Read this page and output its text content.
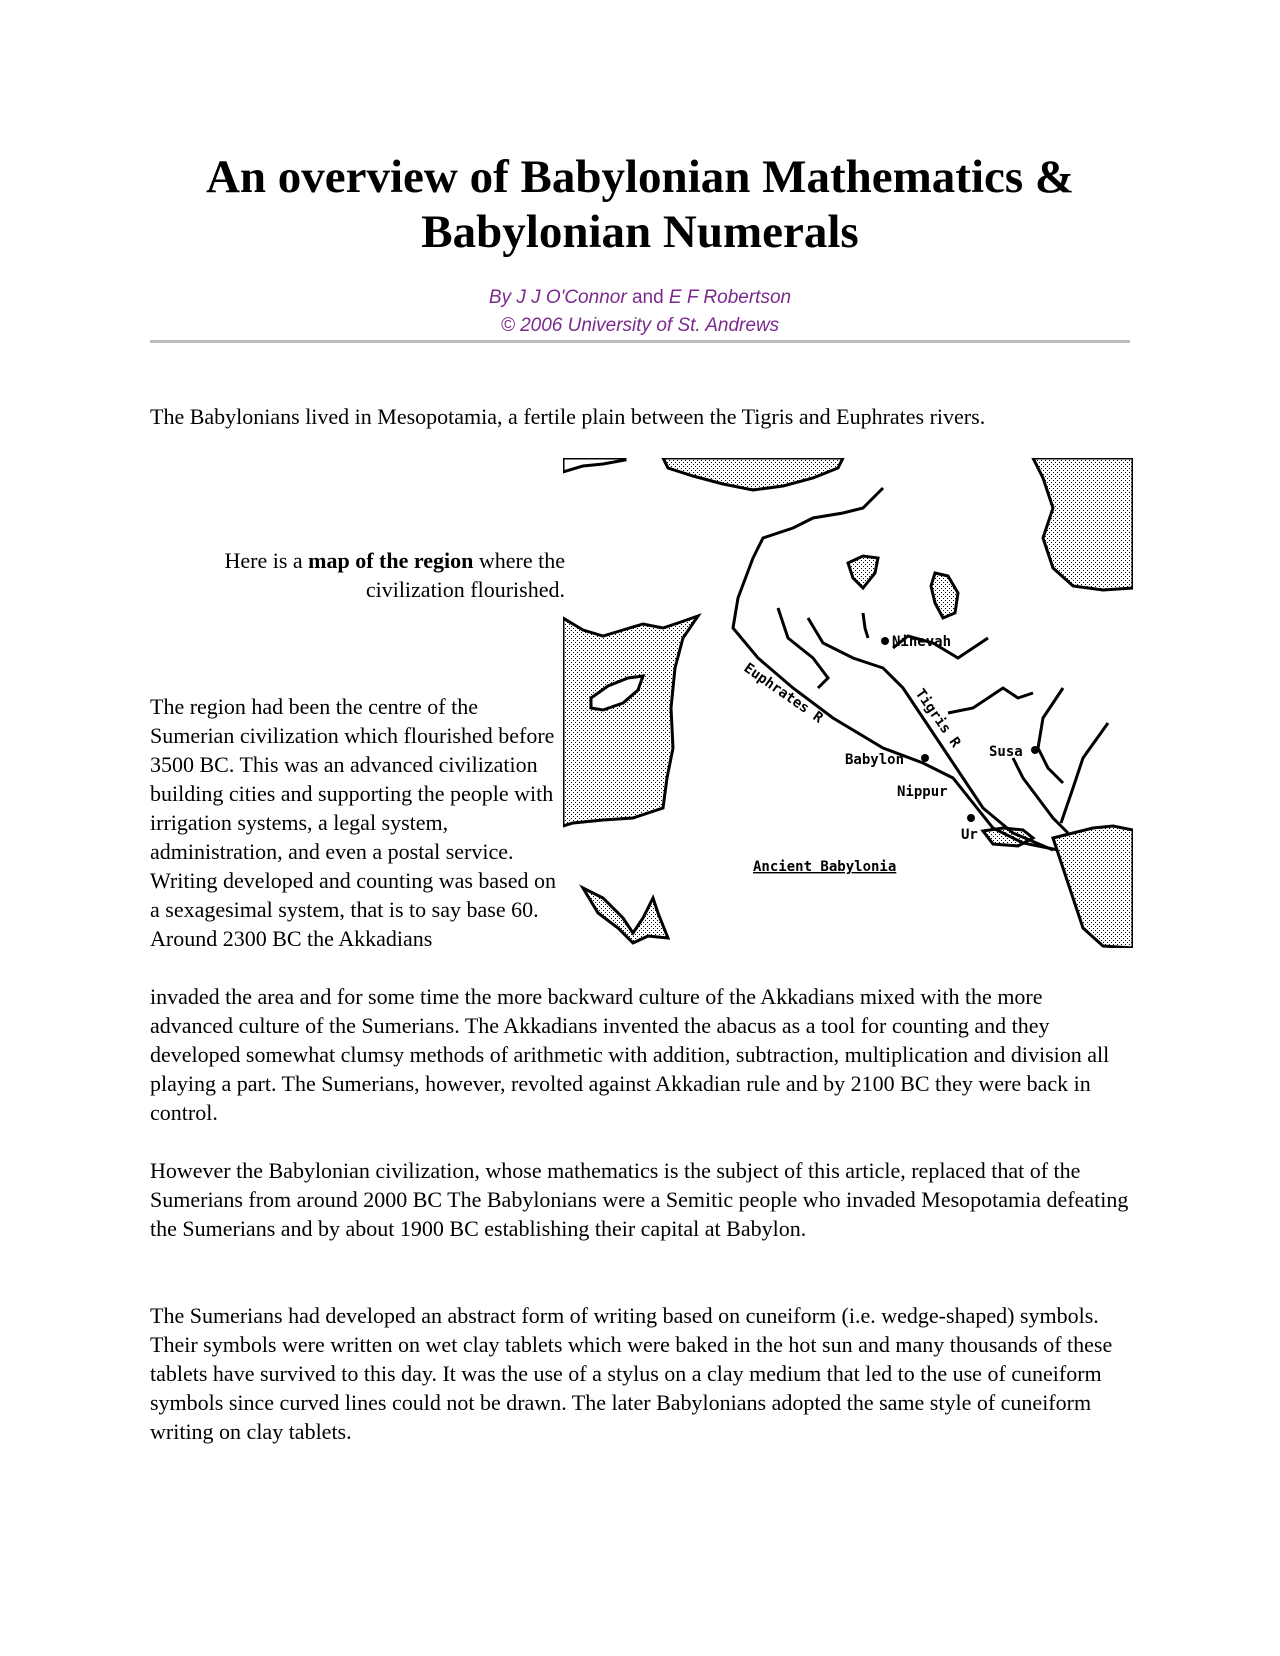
An overview of Babylonian Mathematics & Babylonian Numerals
By J J O'Connor and E F Robertson
© 2006 University of St. Andrews

The Babylonians lived in Mesopotamia, a fertile plain between the Tigris and Euphrates rivers.

Here is a map of the region where the civilization flourished.
Ninevah
Susa
Babylon
Nippur
Ur
Euphrates R	Tigris R
Ancient Babylonia
The region had been the centre of the Sumerian civilization which flourished before 3500 BC. This was an advanced civilization building cities and supporting the people with irrigation systems, a legal system, administration, and even a postal service. Writing developed and counting was based on a sexagesimal system, that is to say base 60. Around 2300 BC the Akkadians
invaded the area and for some time the more backward culture of the Akkadians mixed with the more advanced culture of the Sumerians. The Akkadians invented the abacus as a tool for counting and they developed somewhat clumsy methods of arithmetic with addition, subtraction, multiplication and division all playing a part. The Sumerians, however, revolted against Akkadian rule and by 2100 BC they were back in control.

However the Babylonian civilization, whose mathematics is the subject of this article, replaced that of the Sumerians from around 2000 BC The Babylonians were a Semitic people who invaded Mesopotamia defeating the Sumerians and by about 1900 BC establishing their capital at Babylon.

The Sumerians had developed an abstract form of writing based on cuneiform (i.e. wedge-shaped) symbols. Their symbols were written on wet clay tablets which were baked in the hot sun and many thousands of these tablets have survived to this day. It was the use of a stylus on a clay medium that led to the use of cuneiform symbols since curved lines could not be drawn. The later Babylonians adopted the same style of cuneiform writing on clay tablets.
